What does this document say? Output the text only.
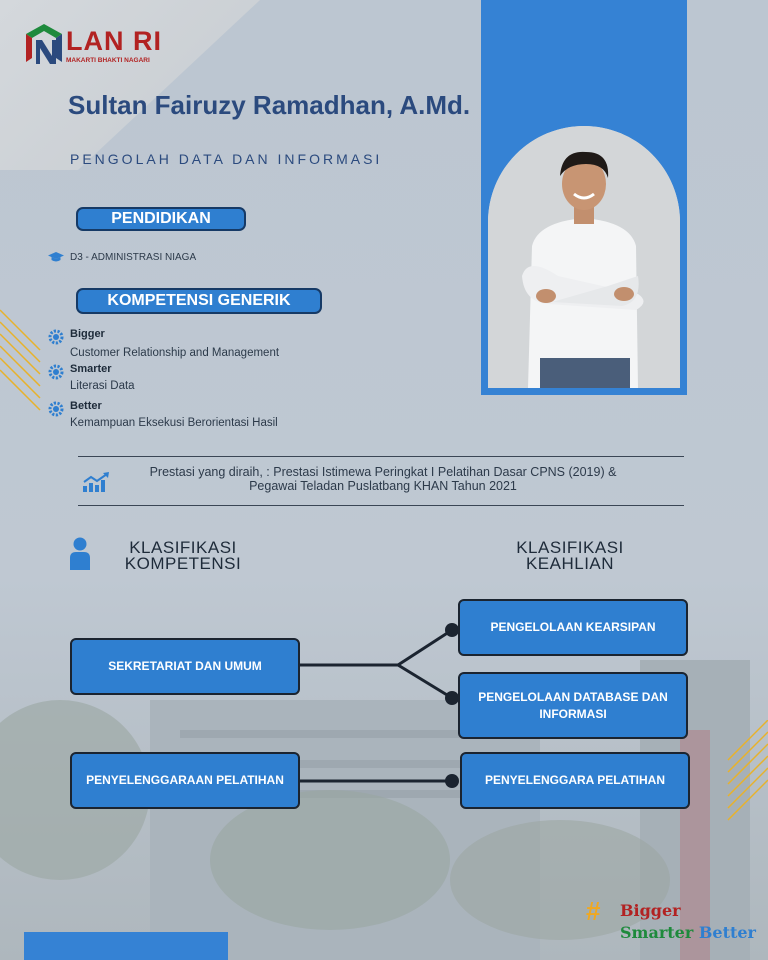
LAN RI
MAKARTI BHAKTI NAGARI
Sultan Fairuzy Ramadhan, A.Md.
PENGOLAH DATA DAN INFORMASI
PENDIDIKAN
D3 - ADMINISTRASI NIAGA
KOMPETENSI GENERIK
Bigger
Customer Relationship and Management
Smarter
Literasi Data
Better
Kemampuan Eksekusi Berorientasi Hasil
Prestasi yang diraih, : Prestasi Istimewa Peringkat I Pelatihan Dasar CPNS (2019) & Pegawai Teladan Puslatbang KHAN Tahun 2021
KLASIFIKASI
KOMPETENSI
KLASIFIKASI
KEAHLIAN
SEKRETARIAT DAN UMUM
PENYELENGGARAAN PELATIHAN
PENGELOLAAN KEARSIPAN
PENGELOLAAN DATABASE DAN INFORMASI
PENYELENGGARA PELATIHAN
#	Bigger
Smarter Better
